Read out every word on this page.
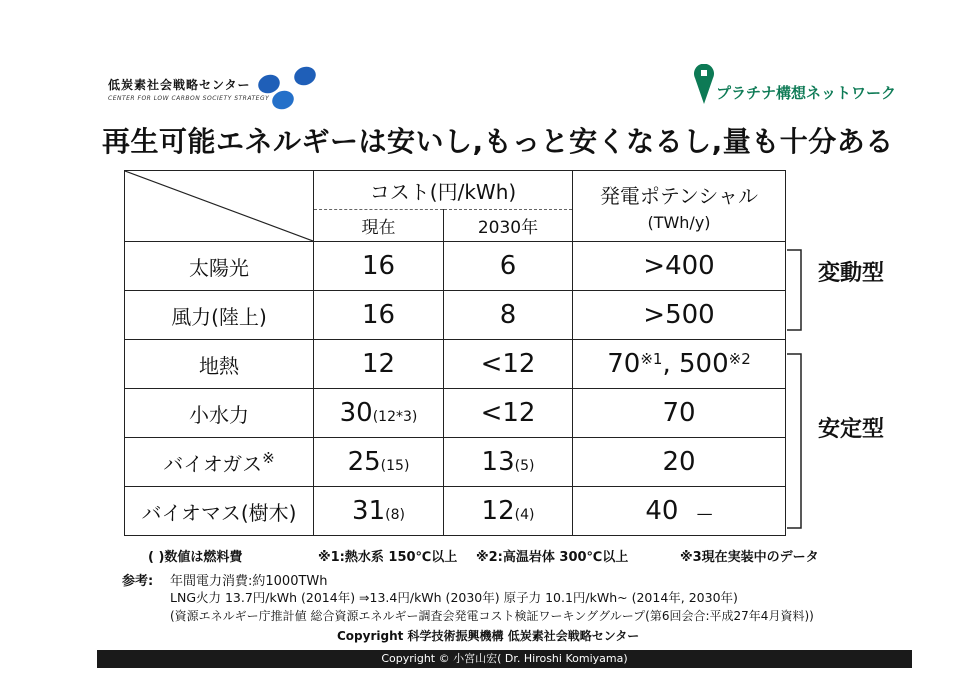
低炭素社会戦略センター
CENTER FOR LOW CARBON SOCIETY STRATEGY	プラチナ構想ネットワーク
再生可能エネルギーは安いし,もっと安くなるし,量も十分ある
	コスト(円/kWh)		発電ポテンシャル
(TWh/y)

	現在	2030年	
太陽光	16	6	>400
風力(陸上)	16	8	>500
地熱	12	<12	70$^{※1}$, 500$^{※2}$
小水力	30(12*3)	<12	70
バイオガス※	25(15)	13(5)	20
バイオマス(樹木)	31(8)	12(4)	40 —
変動型
安定型
( )数値は燃料費	※1:熱水系 150℃以上 ※2:高温岩体 300℃以上	※3現在実装中のデータ
参考: 年間電力消費:約1000TWh
LNG火力 13.7円/kWh (2014年) ⇒13.4円/kWh (2030年) 原子力 10.1円/kWh~ (2014年, 2030年)
(資源エネルギー庁推計値 総合資源エネルギー調査会発電コスト検証ワーキンググループ(第6回会合:平成27年4月資料))
Copyright 科学技術振興機構 低炭素社会戦略センター
Copyright © 小宮山宏( Dr. Hiroshi Komiyama)
